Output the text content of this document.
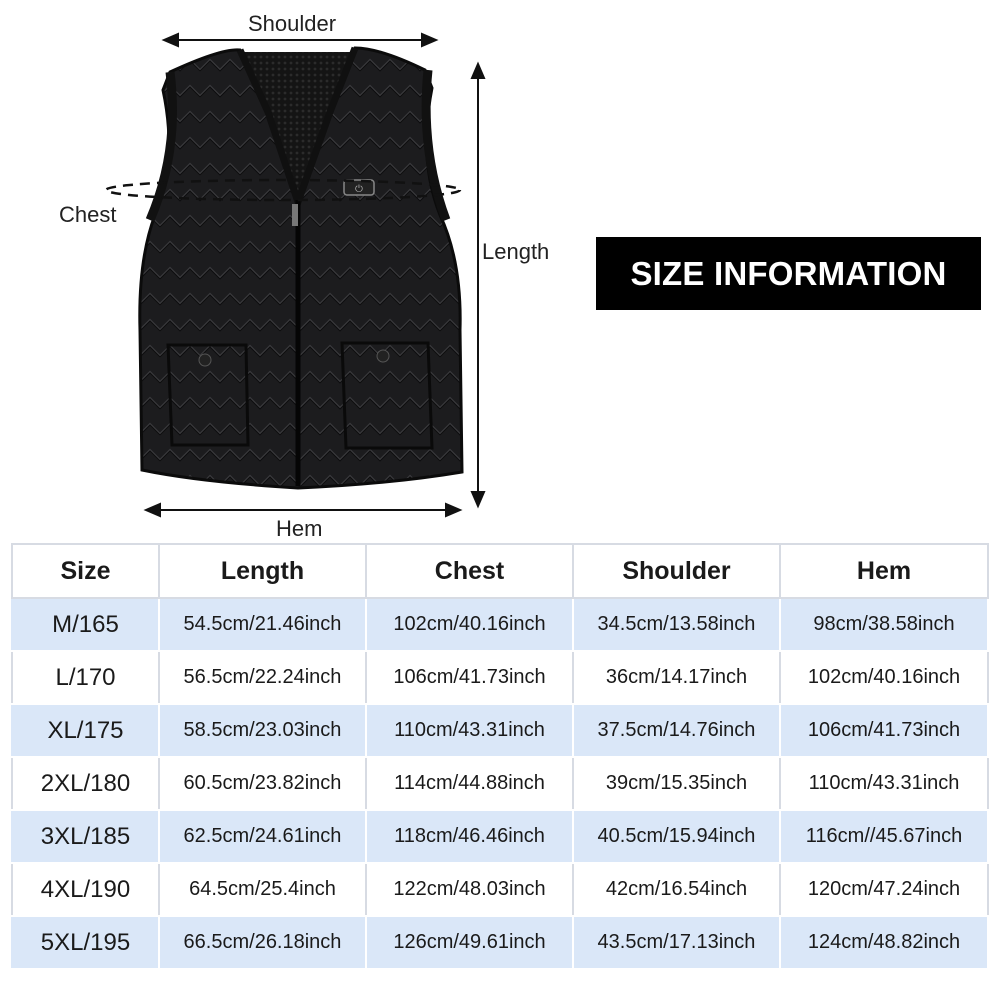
⏻
Shoulder
Chest
Length
Hem
SIZE INFORMATION
Size	Length	Chest	Shoulder	Hem
M/165	54.5cm/21.46inch	102cm/40.16inch	34.5cm/13.58inch	98cm/38.58inch
L/170	56.5cm/22.24inch	106cm/41.73inch	36cm/14.17inch	102cm/40.16inch
XL/175	58.5cm/23.03inch	110cm/43.31inch	37.5cm/14.76inch	106cm/41.73inch
2XL/180	60.5cm/23.82inch	114cm/44.88inch	39cm/15.35inch	110cm/43.31inch
3XL/185	62.5cm/24.61inch	118cm/46.46inch	40.5cm/15.94inch	116cm//45.67inch
4XL/190	64.5cm/25.4inch	122cm/48.03inch	42cm/16.54inch	120cm/47.24inch
5XL/195	66.5cm/26.18inch	126cm/49.61inch	43.5cm/17.13inch	124cm/48.82inch
